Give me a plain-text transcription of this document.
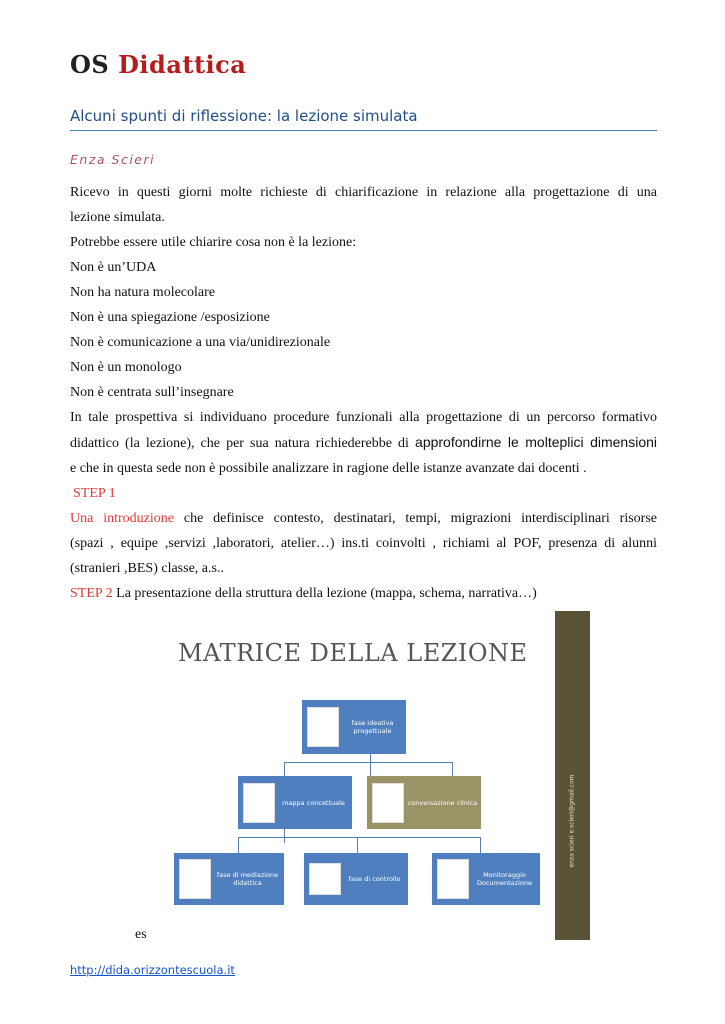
OS Didattica
Alcuni spunti di riflessione: la lezione simulata
Enza Scieri

Ricevo in questi giorni molte richieste di chiarificazione in relazione alla progettazione di una

lezione simulata.

Potrebbe essere utile chiarire cosa non è la lezione:

Non è un’UDA

Non ha natura molecolare

Non è una spiegazione /esposizione

Non è comunicazione a una via/unidirezionale

Non è un monologo

Non è centrata sull’insegnare

In tale prospettiva si individuano procedure funzionali alla progettazione di un percorso formativo

didattico (la lezione), che per sua natura richiederebbe di approfondirne le molteplici dimensioni

e che in questa sede non è possibile analizzare in ragione delle istanze avanzate dai docenti .

STEP 1

Una introduzione che definisce contesto, destinatari, tempi, migrazioni interdisciplinari risorse

(spazi , equipe ,servizi ,laboratori, atelier…) ins.ti coinvolti , richiami al POF, presenza di alunni

(stranieri ,BES) classe, a.s..

STEP 2 La presentazione della struttura della lezione (mappa, schema, narrativa…)

MATRICE DELLA LEZIONE
enza scieri e.scieri@gmail.com
fase ideativa progettuale
mappa concettuale	conversazione clinica
fase di mediazione didattica	fase di controllo	Monitoraggio Documentazione
es
http://dida.orizzontescuola.it
